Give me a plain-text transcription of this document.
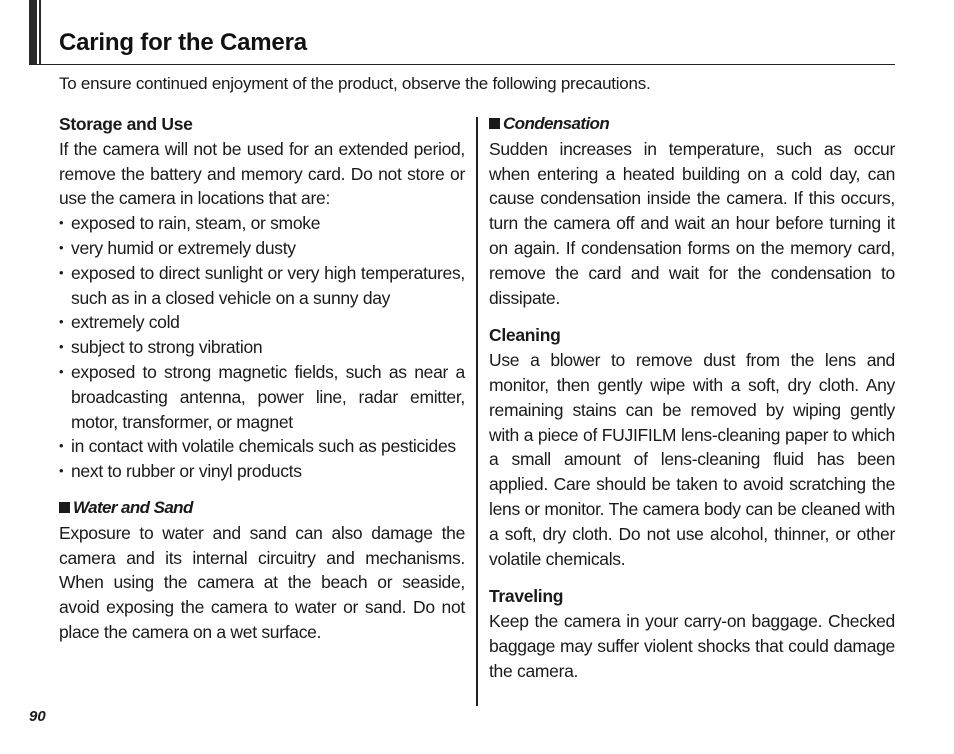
Caring for the Camera
To ensure continued enjoyment of the product, observe the following precautions.
Storage and Use

If the camera will not be used for an extended period, remove the battery and memory card. Do not store or use the camera in locations that are:

• exposed to rain, steam, or smoke
• very humid or extremely dusty
• exposed to direct sunlight or very high temperatures, such as in a closed vehicle on a sunny day
• extremely cold
• subject to strong vibration
• exposed to strong magnetic fields, such as near a broadcasting antenna, power line, radar emitter, motor, transformer, or magnet
• in contact with volatile chemicals such as pesticides
• next to rubber or vinyl products
Water and Sand

Exposure to water and sand can also damage the camera and its internal circuitry and mechanisms. When using the camera at the beach or seaside, avoid exposing the camera to water or sand. Do not place the camera on a wet surface.

Condensation

Sudden increases in temperature, such as occur when entering a heated building on a cold day, can cause condensation inside the camera. If this occurs, turn the camera off and wait an hour before turning it on again. If condensation forms on the memory card, remove the card and wait for the condensation to dissipate.

Cleaning

Use a blower to remove dust from the lens and monitor, then gently wipe with a soft, dry cloth. Any remaining stains can be removed by wiping gently with a piece of FUJIFILM lens-cleaning paper to which a small amount of lens-cleaning fluid has been applied. Care should be taken to avoid scratching the lens or monitor. The camera body can be cleaned with a soft, dry cloth. Do not use alcohol, thinner, or other volatile chemicals.

Traveling

Keep the camera in your carry-on baggage. Checked baggage may suffer violent shocks that could damage the camera.

90
